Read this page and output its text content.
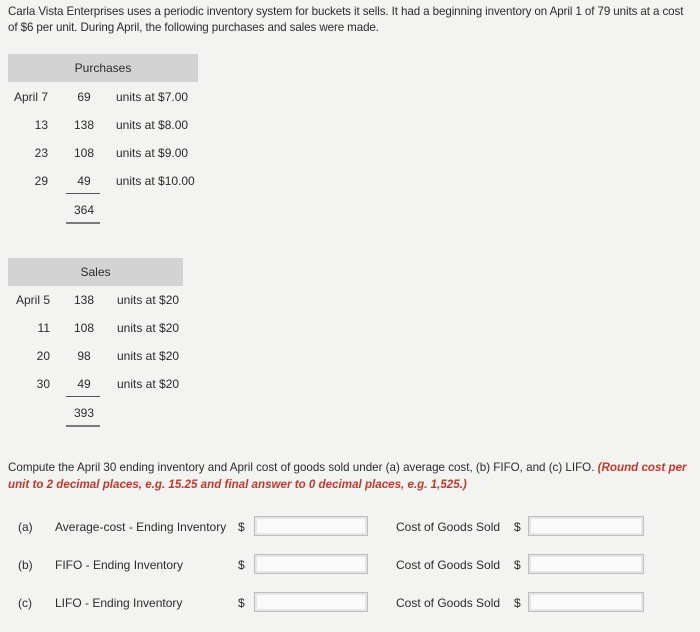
Carla Vista Enterprises uses a periodic inventory system for buckets it sells. It had a beginning inventory on April 1 of 79 units at a cost
of $6 per unit. During April, the following purchases and sales were made.
Purchases
April 7	69	units at $7.00
13	138	units at $8.00
23	108	units at $9.00
29	49	units at $10.00
364
Sales
April 5	138	units at $20
11	108	units at $20
20	98	units at $20
30	49	units at $20
393
Compute the April 30 ending inventory and April cost of goods sold under (a) average cost, (b) FIFO, and (c) LIFO. (Round cost per unit to 2 decimal places, e.g. 15.25 and final answer to 0 decimal places, e.g. 1,525.)
(a) Average-cost - Ending Inventory $	Cost of Goods Sold $
(b) FIFO - Ending Inventory	$	Cost of Goods Sold $
(c) LIFO - Ending Inventory	$	Cost of Goods Sold $
